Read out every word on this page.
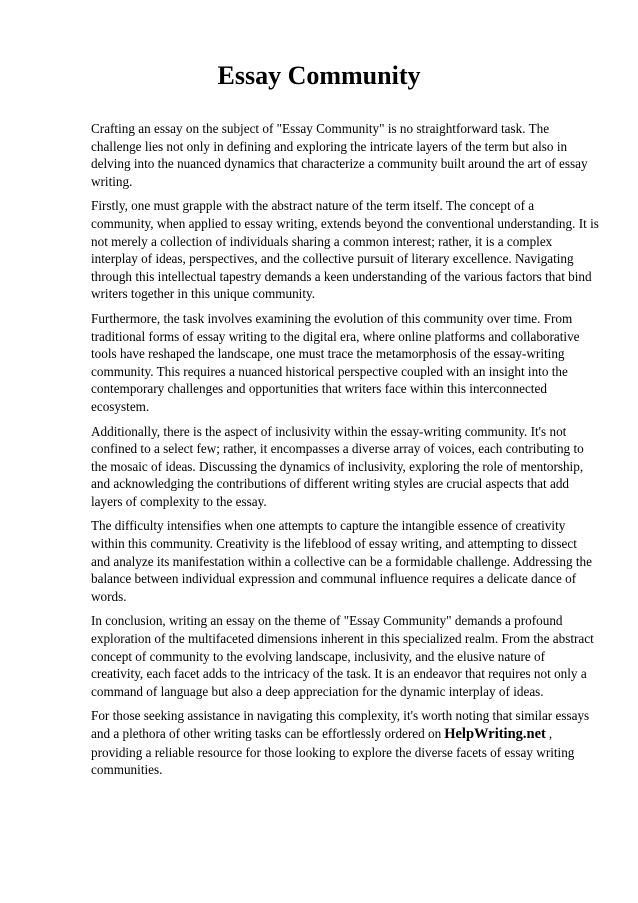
Essay Community

Crafting an essay on the subject of "Essay Community" is no straightforward task. The challenge lies not only in defining and exploring the intricate layers of the term but also in delving into the nuanced dynamics that characterize a community built around the art of essay writing.

Firstly, one must grapple with the abstract nature of the term itself. The concept of a community, when applied to essay writing, extends beyond the conventional understanding. It is not merely a collection of individuals sharing a common interest; rather, it is a complex interplay of ideas, perspectives, and the collective pursuit of literary excellence. Navigating through this intellectual tapestry demands a keen understanding of the various factors that bind writers together in this unique community.

Furthermore, the task involves examining the evolution of this community over time. From traditional forms of essay writing to the digital era, where online platforms and collaborative tools have reshaped the landscape, one must trace the metamorphosis of the essay-writing community. This requires a nuanced historical perspective coupled with an insight into the contemporary challenges and opportunities that writers face within this interconnected ecosystem.

Additionally, there is the aspect of inclusivity within the essay-writing community. It's not confined to a select few; rather, it encompasses a diverse array of voices, each contributing to the mosaic of ideas. Discussing the dynamics of inclusivity, exploring the role of mentorship, and acknowledging the contributions of different writing styles are crucial aspects that add layers of complexity to the essay.

The difficulty intensifies when one attempts to capture the intangible essence of creativity within this community. Creativity is the lifeblood of essay writing, and attempting to dissect and analyze its manifestation within a collective can be a formidable challenge. Addressing the balance between individual expression and communal influence requires a delicate dance of words.

In conclusion, writing an essay on the theme of "Essay Community" demands a profound exploration of the multifaceted dimensions inherent in this specialized realm. From the abstract concept of community to the evolving landscape, inclusivity, and the elusive nature of creativity, each facet adds to the intricacy of the task. It is an endeavor that requires not only a command of language but also a deep appreciation for the dynamic interplay of ideas.

For those seeking assistance in navigating this complexity, it's worth noting that similar essays and a plethora of other writing tasks can be effortlessly ordered on HelpWriting.net , providing a reliable resource for those looking to explore the diverse facets of essay writing communities.
